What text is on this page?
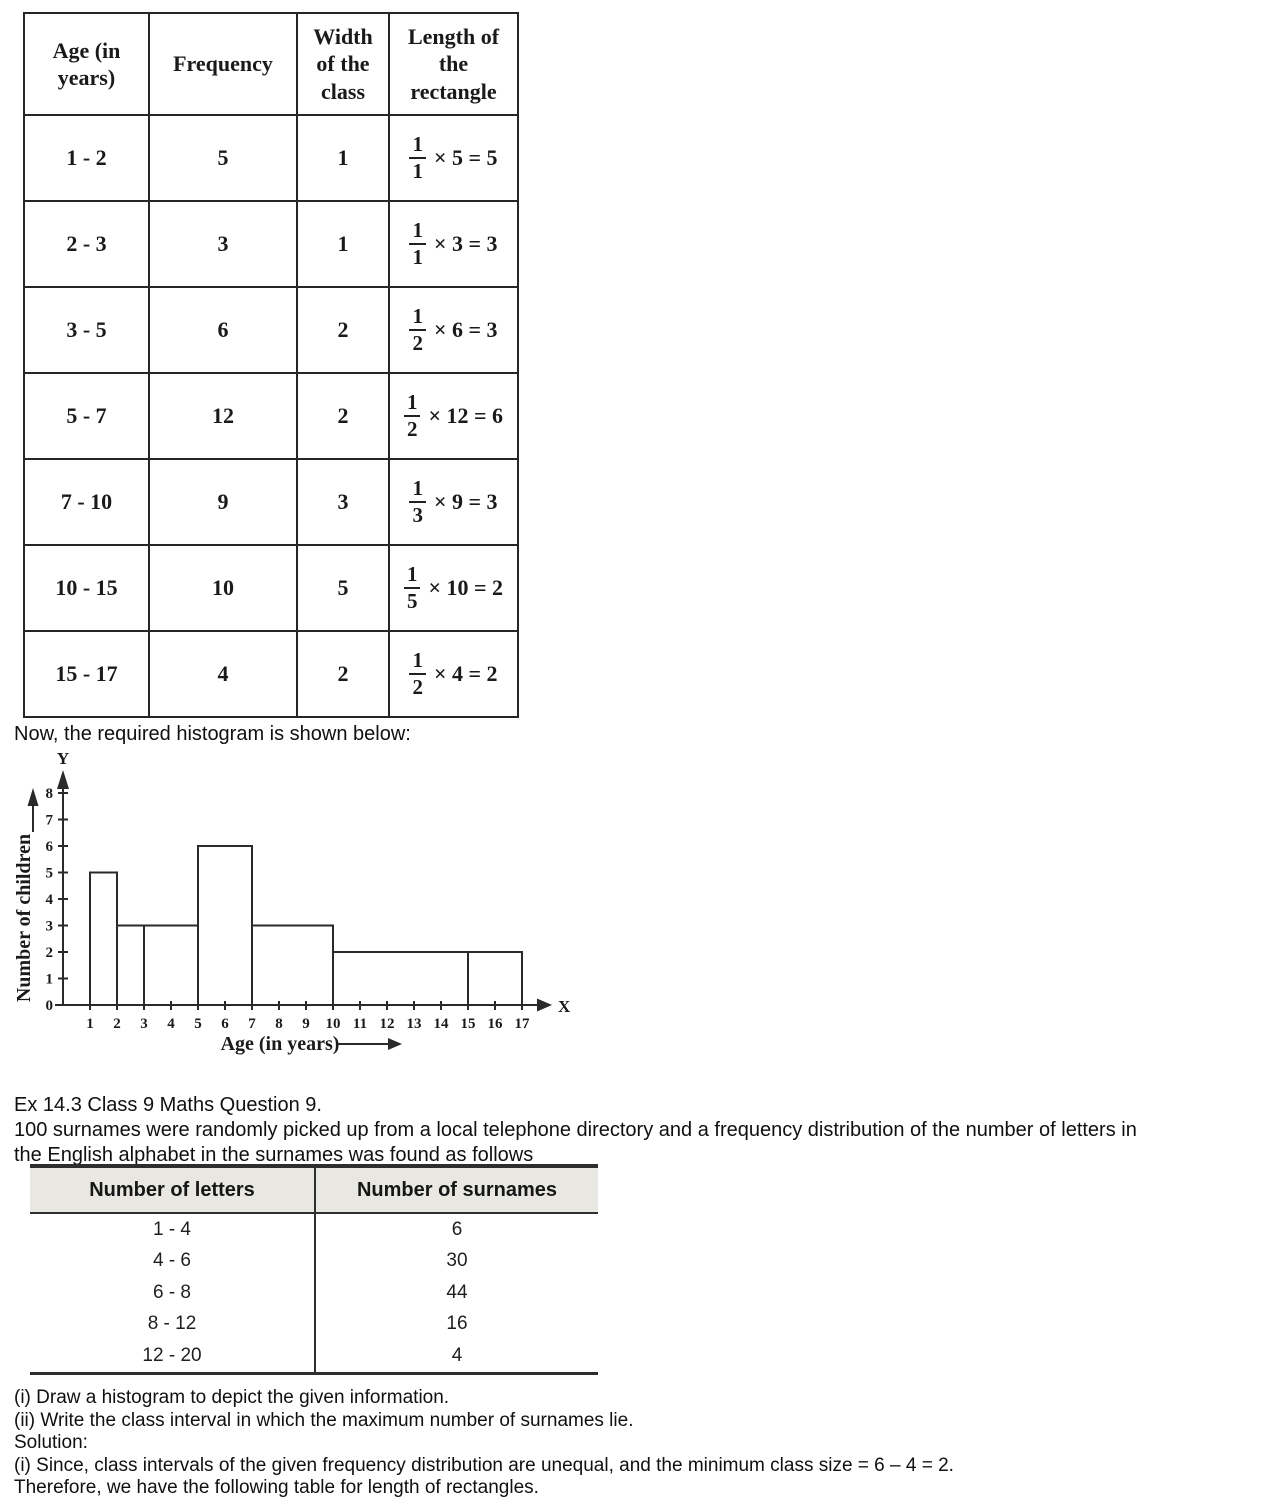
Age (in years)	Frequency	Width of the class	Length of the rectangle
1 - 2	5	1	$\frac{1}{1} \times 5 = 5$

2 - 3	3	1	$\frac{1}{1} \times 3 = 3$

3 - 5	6	2	$\frac{1}{2} \times 6 = 3$

5 - 7	12	2	$\frac{1}{2} \times 12 = 6$

7 - 10	9	3	$\frac{1}{3} \times 9 = 3$

10 - 15	10	5	$\frac{1}{5} \times 10 = 2$

15 - 17	4	2	$\frac{1}{2} \times 4 = 2$
Now, the required histogram is shown below:
Y
X
0
1
2
3
4
5
6
7
8
1 2 3 4 5 6 7 8 9 10 11 12 13 14 15 16 17
Number of children
Age (in years)
Ex 14.3 Class 9 Maths Question 9.
100 surnames were randomly picked up from a local telephone directory and a frequency distribution of the number of letters in
the English alphabet in the surnames was found as follows
Number of letters	Number of surnames
1 - 4	6
4 - 6	30
6 - 8	44
8 - 12	16
12 - 20	4
(i) Draw a histogram to depict the given information.
(ii) Write the class interval in which the maximum number of surnames lie.
Solution:
(i) Since, class intervals of the given frequency distribution are unequal, and the minimum class size = 6 – 4 = 2.
Therefore, we have the following table for length of rectangles.
